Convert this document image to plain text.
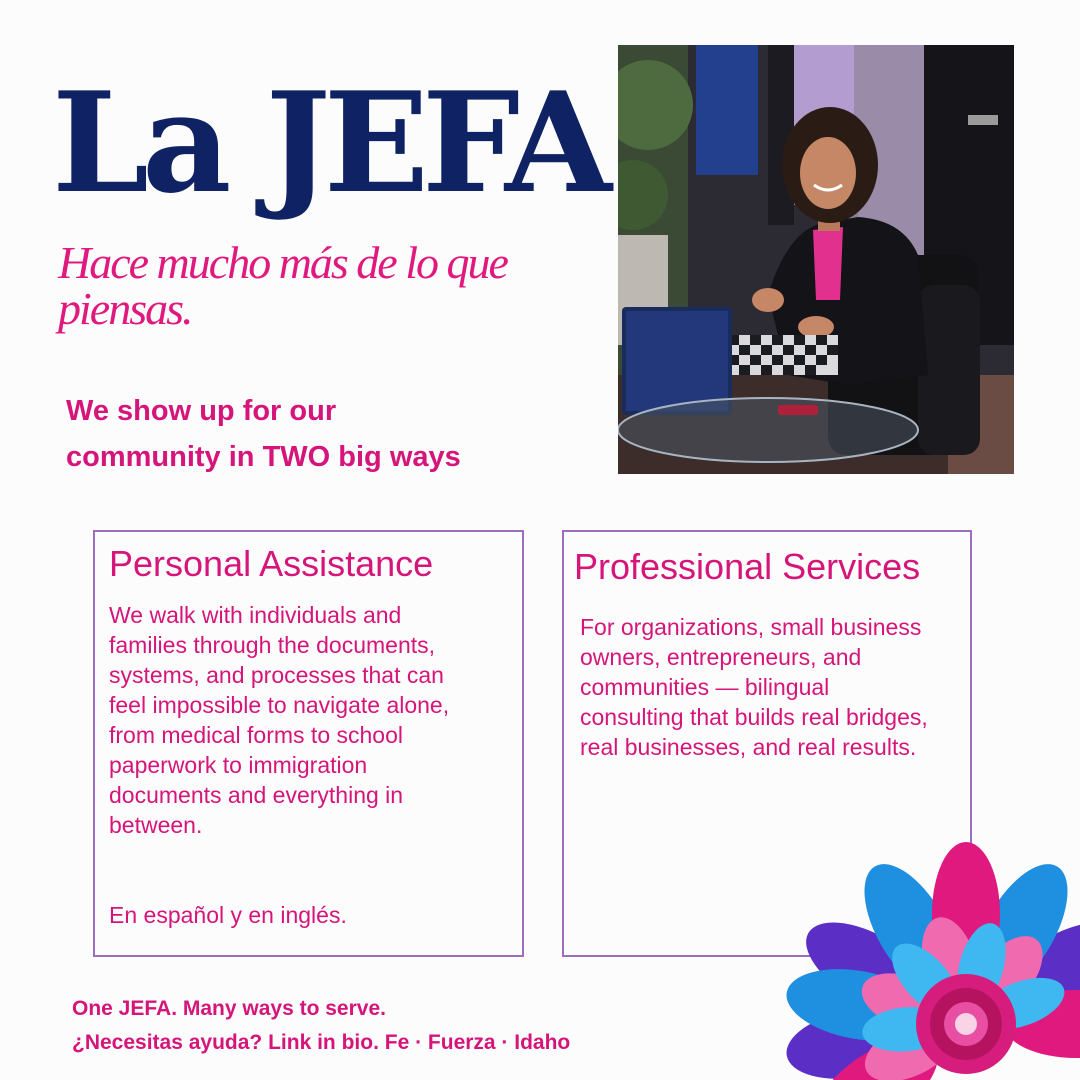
La JEFA

Hace mucho más de lo que piensas.

We show up for our
community in TWO big ways

Personal Assistance

We walk with individuals and families through the documents, systems, and processes that can feel impossible to navigate alone, from medical forms to school paperwork to immigration documents and everything in between.

En español y en inglés.

Professional Services

For organizations, small business owners, entrepreneurs, and communities — bilingual consulting that builds real bridges, real businesses, and real results.

One JEFA. Many ways to serve.
¿Necesitas ayuda? Link in bio. Fe · Fuerza · Idaho
